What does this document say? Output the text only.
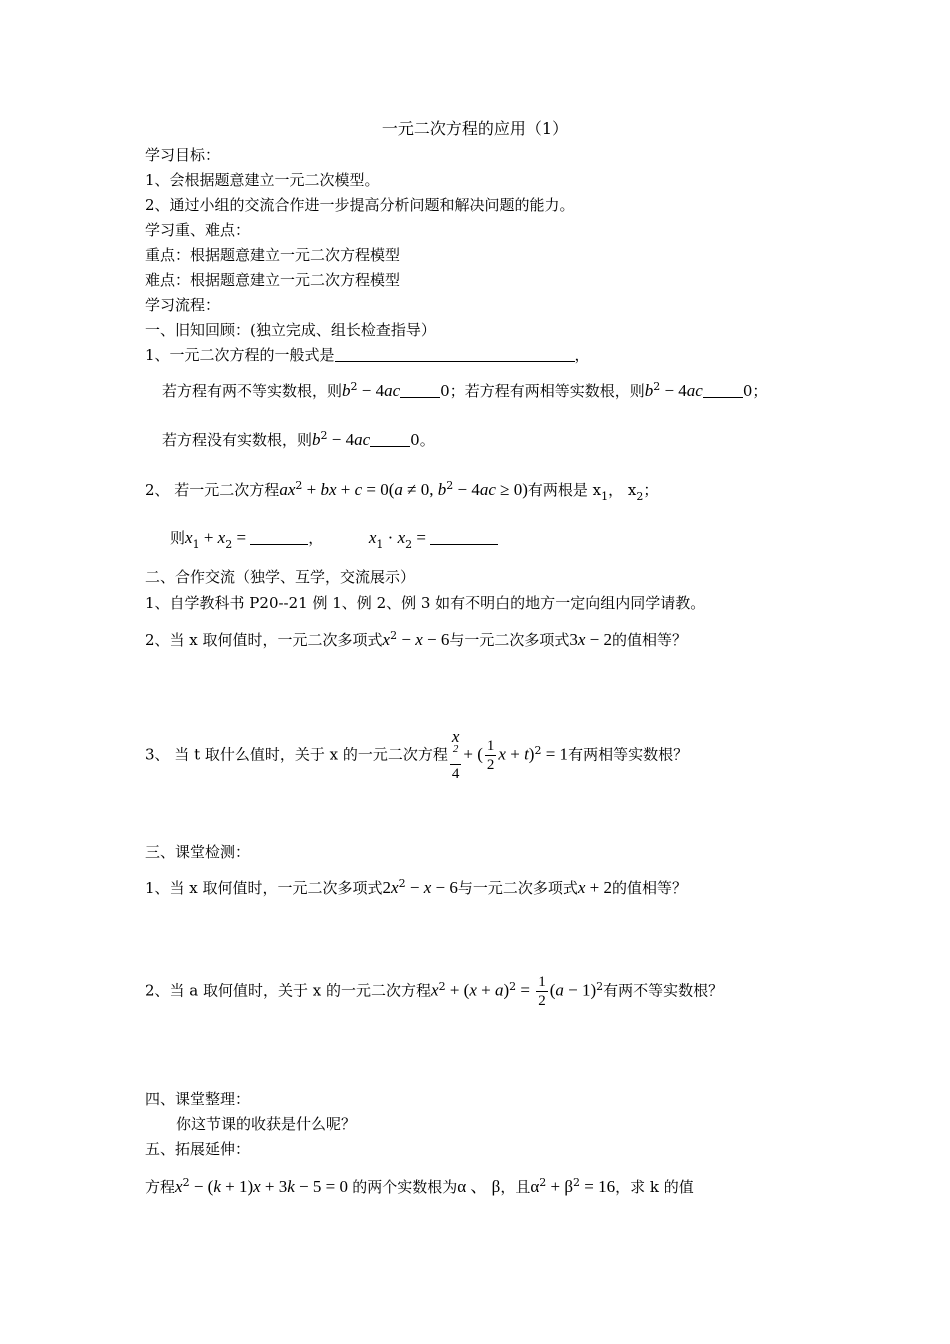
一元二次方程的应用（1）
学习目标：
1、会根据题意建立一元二次模型。
2、通过小组的交流合作进一步提高分析问题和解决问题的能力。
学习重、难点：
重点：根据题意建立一元二次方程模型
难点：根据题意建立一元二次方程模型
学习流程：
一、旧知回顾：(独立完成、组长检查指导）
1、一元二次方程的一般式是	，
若方程有两不等实数根，则$b^2 - 4ac$	0；若方程有两相等实数根，则$b^2 - 4ac$	0；
若方程没有实数根，则$b^2 - 4ac$	0。
2、 若一元二次方程$ax^2$ + bx + c = 0(a ≠ 0, $b^2 - 4ac \ge 0$)有两根是 $x_1$， $x_2$；
则$x_1 + x_2$ =	，  $x_1 \cdot x_2$ =
二、合作交流（独学、互学，交流展示）
1、自学教科书 P20--21 例 1、例 2、例 3 如有不明白的地方一定向组内同学请教。
2、当 x 取何值时，一元二次多项式$x^2 - x - 6$与一元二次多项式3x − 2的值相等？
3、 当 t 取什么值时，关于 x 的一元二次方程 x
2
4 + ( $\frac{1}{2}$ x + t)$^2$ = 1有两相等实数根？
三、课堂检测：
1、当 x 取何值时，一元二次多项式$2x^2 - x - 6$与一元二次多项式x + 2的值相等？
2、当 a 取何值时，关于 x 的一元二次方程$x^2 + (x + a)^2 = \frac{1}{2} (a - 1)^2$有两不等实数根？
四、课堂整理：
你这节课的收获是什么呢？
五、拓展延伸：
方程$x^2 - (k + 1)x + 3k - 5 = 0$ 的两个实数根为α 、 β，且$\alpha^2 + \beta^2 = 16$，求 k 的值
